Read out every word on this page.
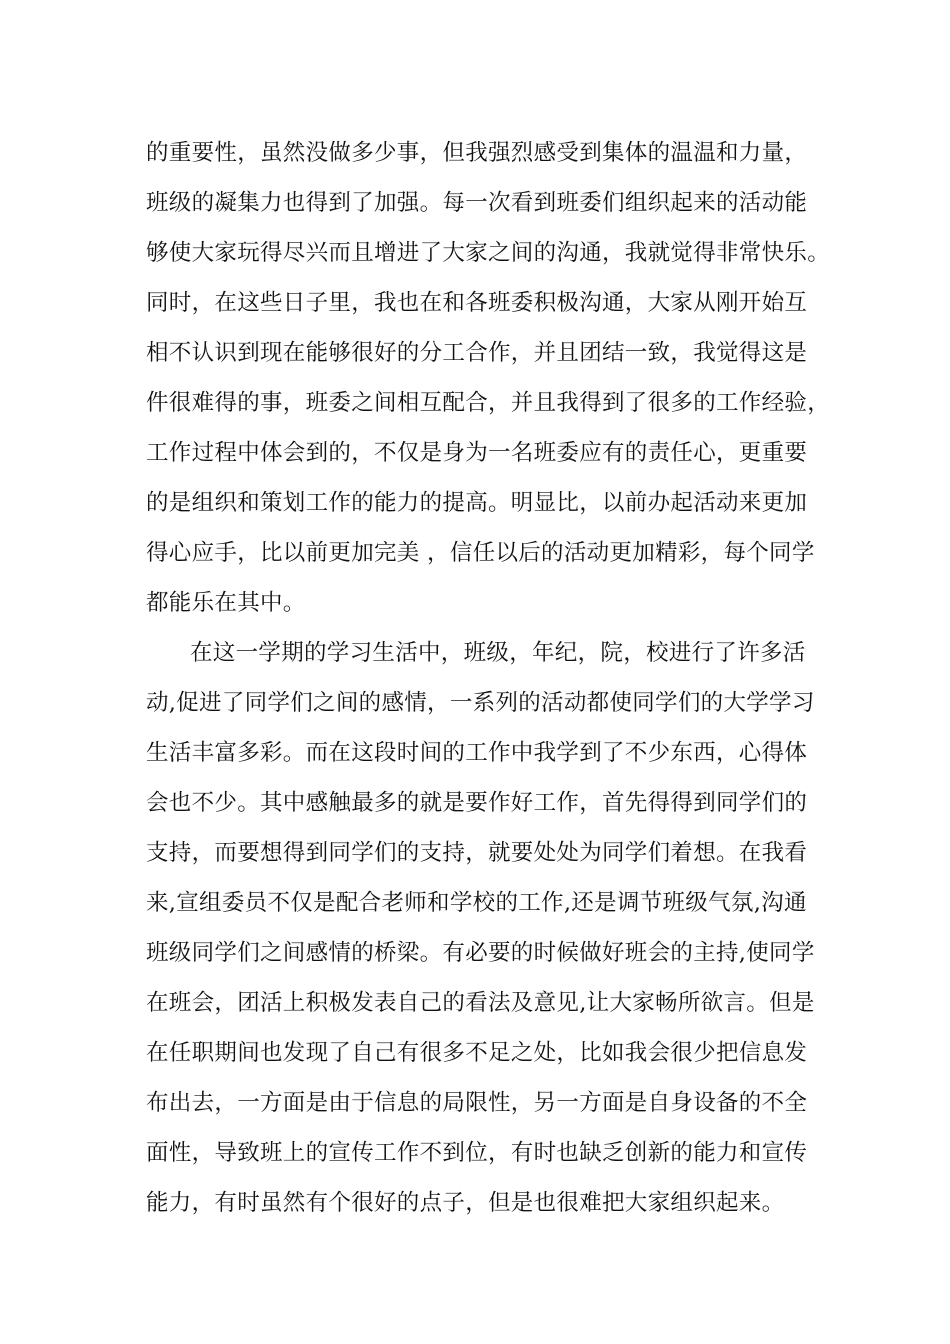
的重要性，虽然没做多少事，但我强烈感受到集体的温温和力量，
班级的凝集力也得到了加强。每一次看到班委们组织起来的活动能
够使大家玩得尽兴而且增进了大家之间的沟通，我就觉得非常快乐。
同时，在这些日子里，我也在和各班委积极沟通，大家从刚开始互
相不认识到现在能够很好的分工合作，并且团结一致，我觉得这是
件很难得的事，班委之间相互配合，并且我得到了很多的工作经验，
工作过程中体会到的，不仅是身为一名班委应有的责任心，更重要
的是组织和策划工作的能力的提高。明显比，以前办起活动来更加
得心应手，比以前更加完美 ，信任以后的活动更加精彩，每个同学
都能乐在其中。
在这一学期的学习生活中，班级，年纪，院，校进行了许多活
动,促进了同学们之间的感情，一系列的活动都使同学们的大学学习
生活丰富多彩。而在这段时间的工作中我学到了不少东西，心得体
会也不少。其中感触最多的就是要作好工作，首先得得到同学们的
支持，而要想得到同学们的支持，就要处处为同学们着想。在我看
来,宣组委员不仅是配合老师和学校的工作,还是调节班级气氛,沟通
班级同学们之间感情的桥梁。有必要的时候做好班会的主持,使同学
在班会，团活上积极发表自己的看法及意见,让大家畅所欲言。但是
在任职期间也发现了自己有很多不足之处，比如我会很少把信息发
布出去，一方面是由于信息的局限性，另一方面是自身设备的不全
面性，导致班上的宣传工作不到位，有时也缺乏创新的能力和宣传
能力，有时虽然有个很好的点子，但是也很难把大家组织起来。
